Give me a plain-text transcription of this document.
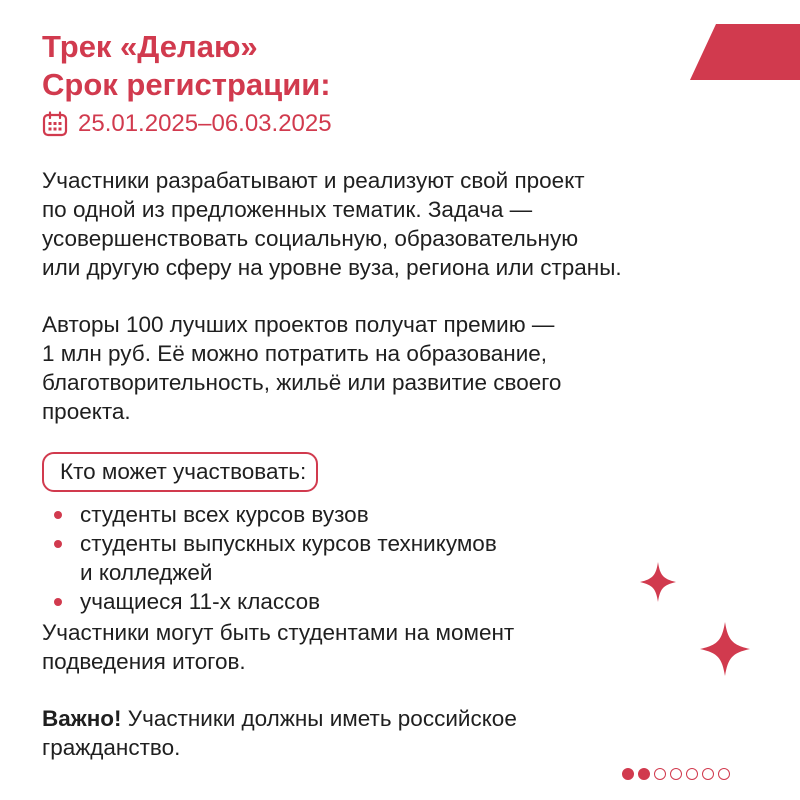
Трек «Делаю»
Срок регистрации:
25.01.2025–06.03.2025
Участники разрабатывают и реализуют свой проект
по одной из предложенных тематик. Задача —
усовершенствовать социальную, образовательную
или другую сферу на уровне вуза, региона или страны.
Авторы 100 лучших проектов получат премию —
1 млн руб. Её можно потратить на образование,
благотворительность, жильё или развитие своего
проекта.
Кто может участвовать:
студенты всех курсов вузов
студенты выпускных курсов техникумов
и колледжей
учащиеся 11-х классов
Участники могут быть студентами на момент
подведения итогов.
Важно! Участники должны иметь российское
гражданство.
